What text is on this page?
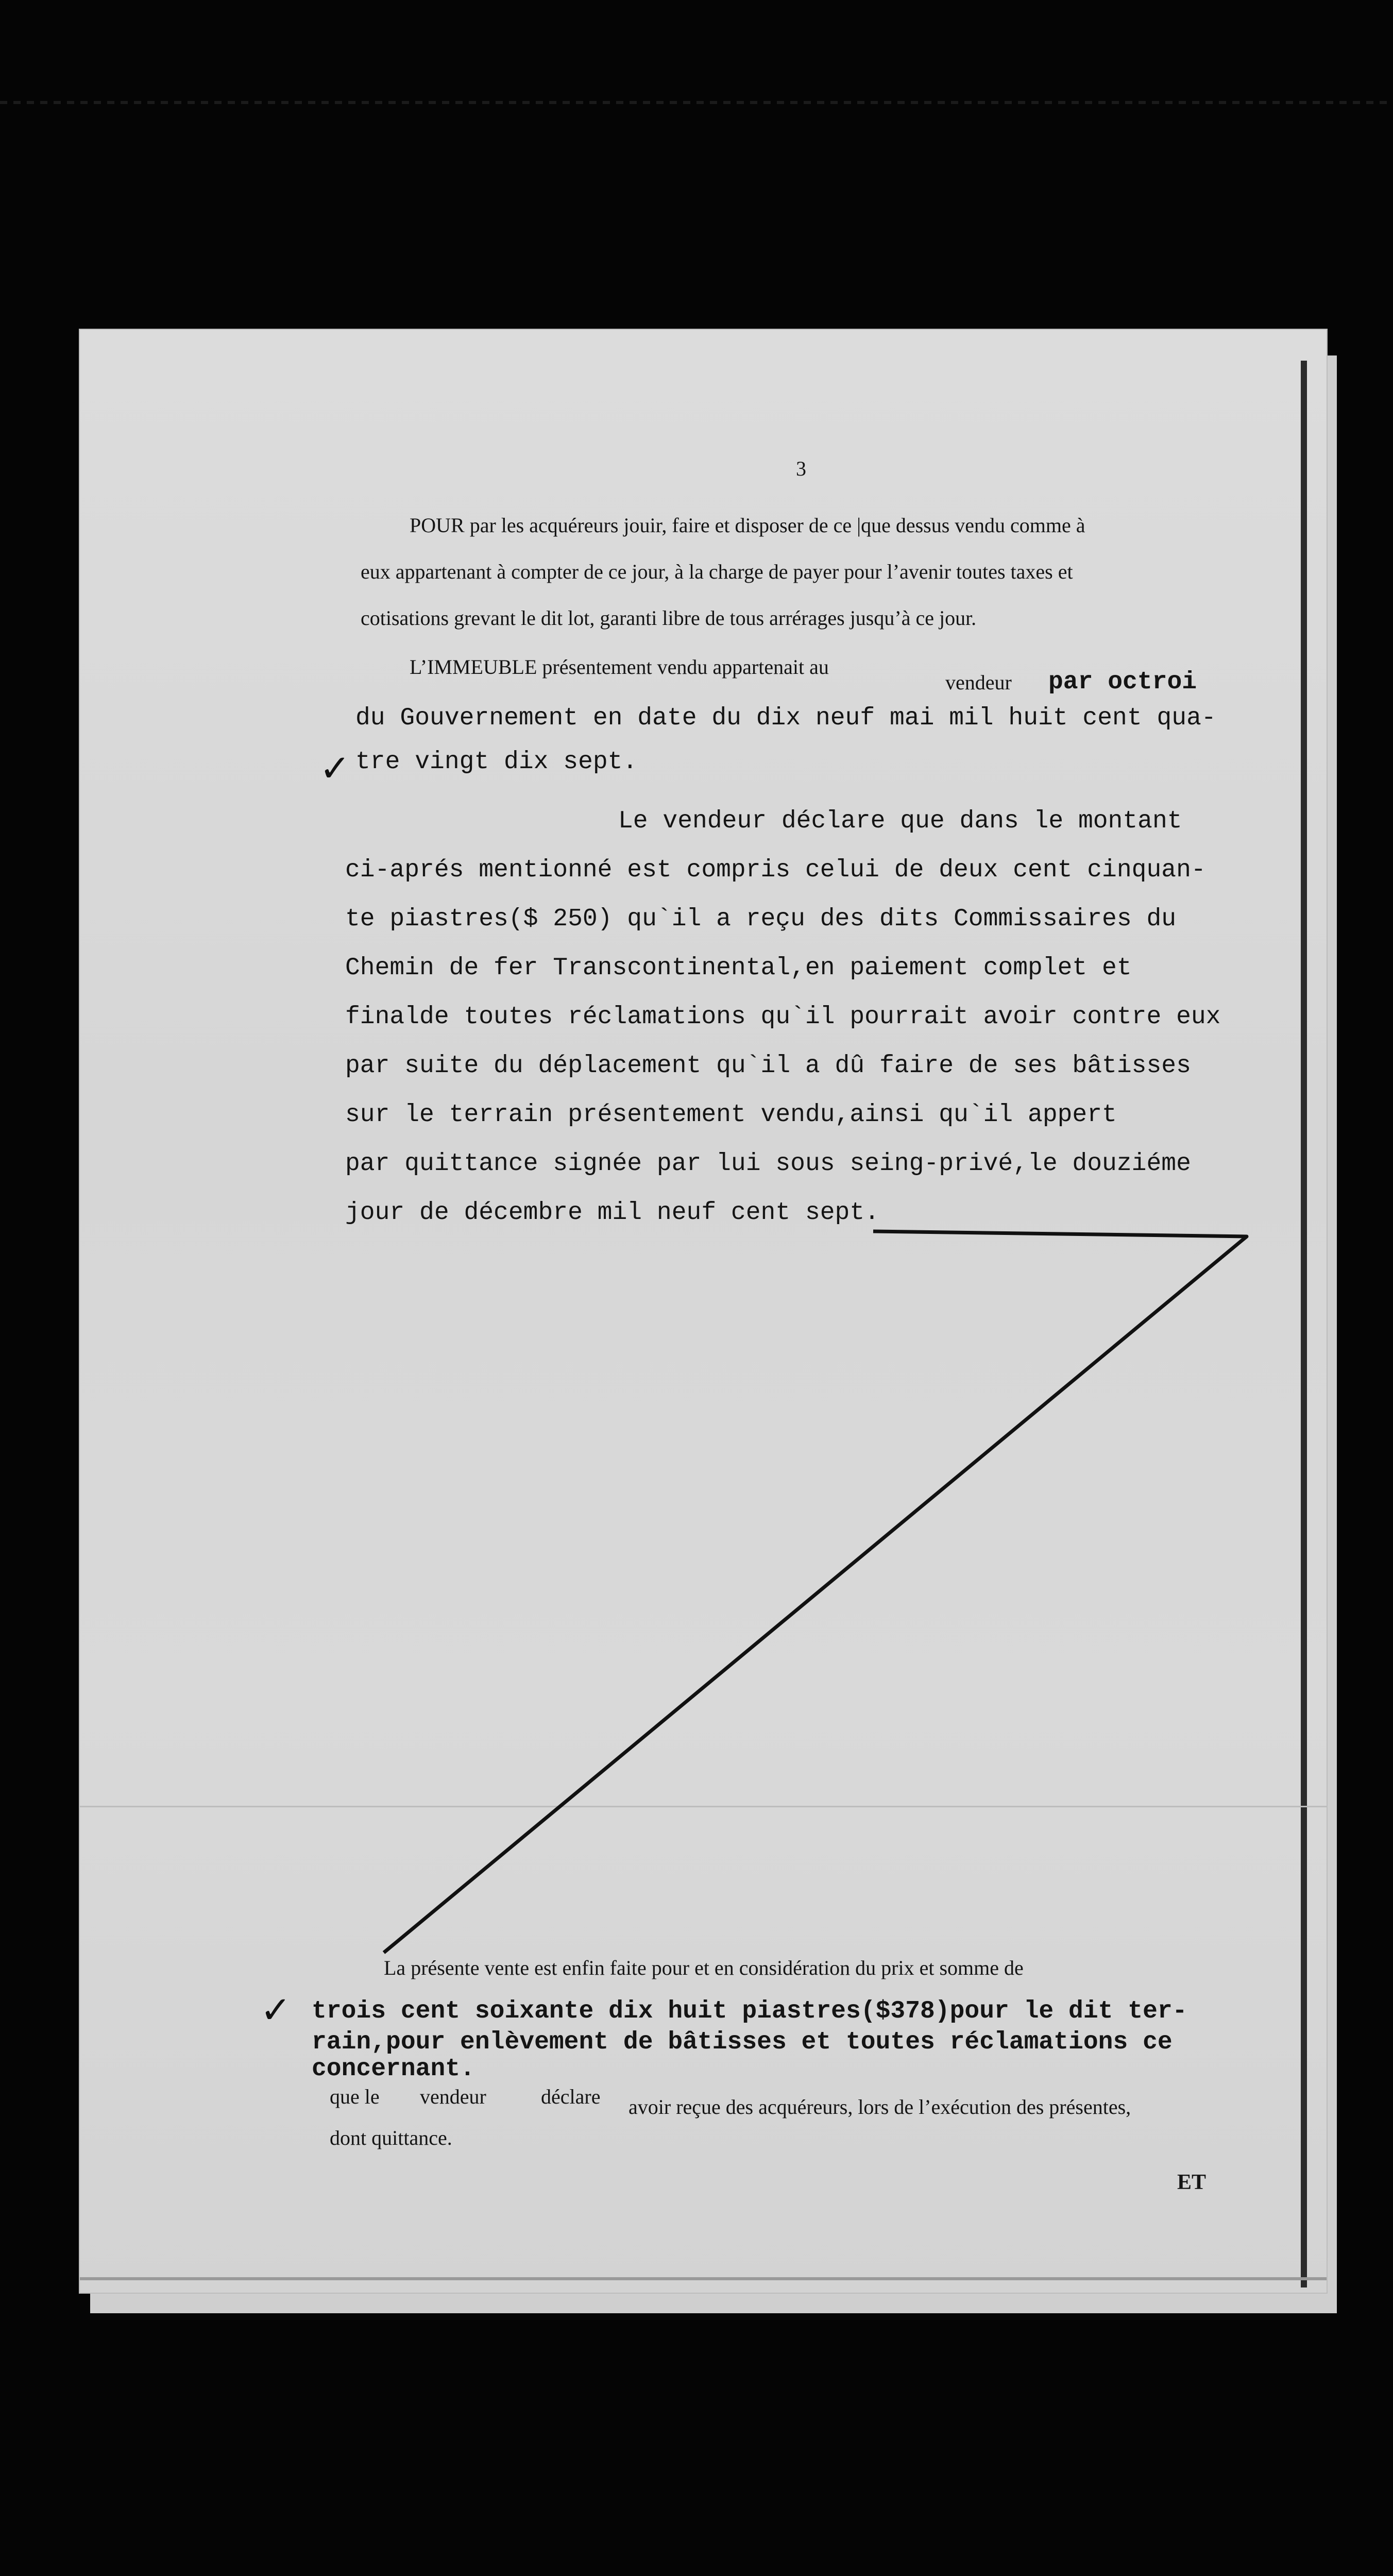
3
POUR par les acquéreurs jouir, faire et disposer de ce |que dessus vendu comme à
eux appartenant à compter de ce jour, à la charge de payer pour l’avenir toutes taxes et
cotisations grevant le dit lot, garanti libre de tous arrérages jusqu’à ce jour.
L’IMMEUBLE présentement vendu appartenait au
vendeur par octroi
du Gouvernement en date du dix neuf mai mil huit cent qua-
✓ tre vingt dix sept.
Le vendeur déclare que dans le montant
ci-aprés mentionné est compris celui de deux cent cinquan-
te piastres($ 250) qu`il a reçu des dits Commissaires du
Chemin de fer Transcontinental,en paiement complet et
finalde toutes réclamations qu`il pourrait avoir contre eux
par suite du déplacement qu`il a dû faire de ses bâtisses
sur le terrain présentement vendu,ainsi qu`il appert
par quittance signée par lui sous seing-privé,le douziéme
jour de décembre mil neuf cent sept.
La présente vente est enfin faite pour et en considération du prix et somme de
✓ trois cent soixante dix huit piastres($378)pour le dit ter-
rain,pour enlèvement de bâtisses et toutes réclamations ce
concernant.
que le vendeur	déclare avoir reçue des acquéreurs, lors de l’exécution des présentes,
dont quittance.
ET
